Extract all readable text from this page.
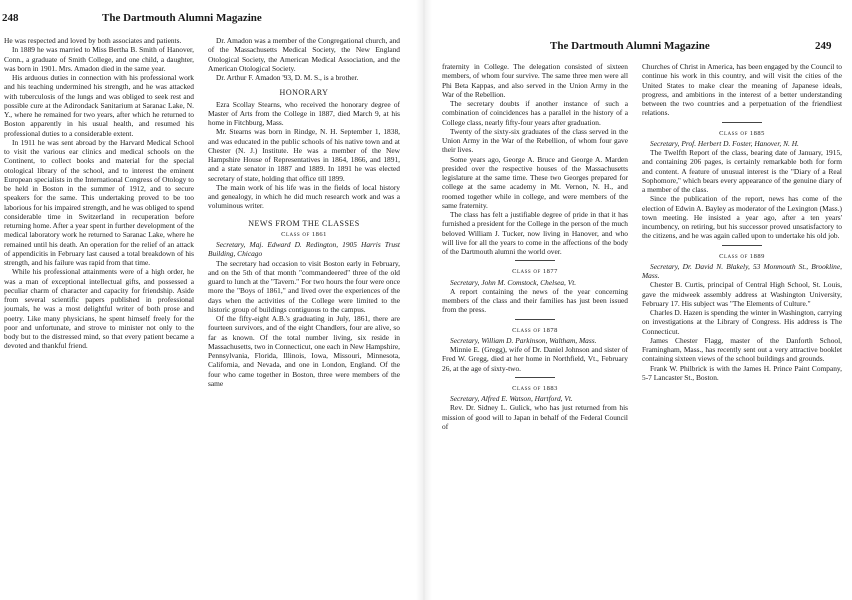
248	The Dartmouth Alumni Magazine

He was respected and loved by both associates and patients.

In 1889 he was married to Miss Bertha B. Smith of Hanover, Conn., a graduate of Smith College, and one child, a daughter, was born in 1901. Mrs. Amadon died in the same year.

His arduous duties in connection with his professional work and his teaching undermined his strength, and he was attacked with tuberculosis of the lungs and was obliged to seek rest and possible cure at the Adirondack Sanitarium at Saranac Lake, N. Y., where he remained for two years, after which he returned to Boston apparently in his usual health, and resumed his professional duties to a considerable extent.

In 1911 he was sent abroad by the Harvard Medical School to visit the various ear clinics and medical schools on the Continent, to collect books and material for the special otological library of the school, and to interest the eminent European specialists in the International Congress of Otology to be held in Boston in the summer of 1912, and to secure speakers for the same. This undertaking proved to be too laborious for his impaired strength, and he was obliged to spend considerable time in Switzerland in recuperation before returning home. After a year spent in further development of the medical laboratory work he returned to Saranac Lake, where he remained until his death. An operation for the relief of an attack of appendicitis in February last caused a total breakdown of his strength, and his failure was rapid from that time.

While his professional attainments were of a high order, he was a man of exceptional intellectual gifts, and possessed a peculiar charm of character and capacity for friendship. Aside from several scientific papers published in professional journals, he was a most delightful writer of both prose and poetry. Like many physicians, he spent himself freely for the poor and unfortunate, and strove to minister not only to the body but to the distressed mind, so that every patient became a devoted and thankful friend.

Dr. Amadon was a member of the Congregational church, and of the Massachusetts Medical Society, the New England Otological Society, the American Medical Association, and the American Otological Society.

Dr. Arthur F. Amadon '93, D. M. S., is a brother.

HONORARY

Ezra Scollay Stearns, who received the honorary degree of Master of Arts from the College in 1887, died March 9, at his home in Fitchburg, Mass.

Mr. Stearns was born in Rindge, N. H. September 1, 1838, and was educated in the public schools of his native town and at Chester (N. J.) Institute. He was a member of the New Hampshire House of Representatives in 1864, 1866, and 1891, and a state senator in 1887 and 1889. In 1891 he was elected secretary of state, holding that office till 1899.

The main work of his life was in the fields of local history and genealogy, in which he did much research work and was a voluminous writer.

NEWS FROM THE CLASSES
Class of 1861

Secretary, Maj. Edward D. Redington, 1905 Harris Trust Building, Chicago

The secretary had occasion to visit Boston early in February, and on the 5th of that month "commandeered" three of the old guard to lunch at the "Tavern." For two hours the four were once more the "Boys of 1861," and lived over the experiences of the days when the activities of the College were limited to the historic group of buildings contiguous to the campus.

Of the fifty-eight A.B.'s graduating in July, 1861, there are fourteen survivors, and of the eight Chandlers, four are alive, so far as known. Of the total number living, six reside in Massachusetts, two in Connecticut, one each in New Hampshire, Pennsylvania, Florida, Illinois, Iowa, Missouri, Minnesota, California, and Nevada, and one in London, England. Of the four who came together in Boston, three were members of the same

The Dartmouth Alumni Magazine	249

fraternity in College. The delegation consisted of sixteen members, of whom four survive. The same three men were all Phi Beta Kappas, and also served in the Union Army in the War of the Rebellion.

The secretary doubts if another instance of such a combination of coincidences has a parallel in the history of a College class, nearly fifty-four years after graduation.

Twenty of the sixty-six graduates of the class served in the Union Army in the War of the Rebellion, of whom four gave their lives.

Some years ago, George A. Bruce and George A. Marden presided over the respective houses of the Massachusetts legislature at the same time. These two Georges prepared for college at the same academy in Mt. Vernon, N. H., and roomed together while in college, and were members of the same fraternity.

The class has felt a justifiable degree of pride in that it has furnished a president for the College in the person of the much beloved William J. Tucker, now living in Hanover, and who will live for all the years to come in the affections of the body of the Dartmouth alumni the world over.

Class of 1877

Secretary, John M. Comstock, Chelsea, Vt.

A report containing the news of the year concerning members of the class and their families has just been issued from the press.

Class of 1878

Secretary, William D. Parkinson, Waltham, Mass.

Minnie E. (Gregg), wife of Dr. Daniel Johnson and sister of Fred W. Gregg, died at her home in Northfield, Vt., February 26, at the age of sixty-two.

Class of 1883

Secretary, Alfred E. Watson, Hartford, Vt.

Rev. Dr. Sidney L. Gulick, who has just returned from his mission of good will to Japan in behalf of the Federal Council of

Churches of Christ in America, has been engaged by the Council to continue his work in this country, and will visit the cities of the United States to make clear the meaning of Japanese ideals, progress, and ambitions in the interest of a better understanding between the two countries and a perpetuation of the friendliest relations.

Class of 1885

Secretary, Prof. Herbert D. Foster, Hanover, N. H.

The Twelfth Report of the class, bearing date of January, 1915, and containing 206 pages, is certainly remarkable both for form and content. A feature of unusual interest is the "Diary of a Real Sophomore," which bears every appearance of the genuine diary of a member of the class.

Since the publication of the report, news has come of the election of Edwin A. Bayley as moderator of the Lexington (Mass.) town meeting. He insisted a year ago, after a ten years' incumbency, on retiring, but his successor proved unsatisfactory to the citizens, and he was again called upon to undertake his old job.

Class of 1889

Secretary, Dr. David N. Blakely, 53 Monmouth St., Brookline, Mass.

Chester B. Curtis, principal of Central High School, St. Louis, gave the midweek assembly address at Washington University, February 17. His subject was "The Elements of Culture."

Charles D. Hazen is spending the winter in Washington, carrying on investigations at the Library of Congress. His address is The Connecticut.

James Chester Flagg, master of the Danforth School, Framingham, Mass., has recently sent out a very attractive booklet containing sixteen views of the school buildings and grounds.

Frank W. Philbrick is with the James H. Prince Paint Company, 5-7 Lancaster St., Boston.
